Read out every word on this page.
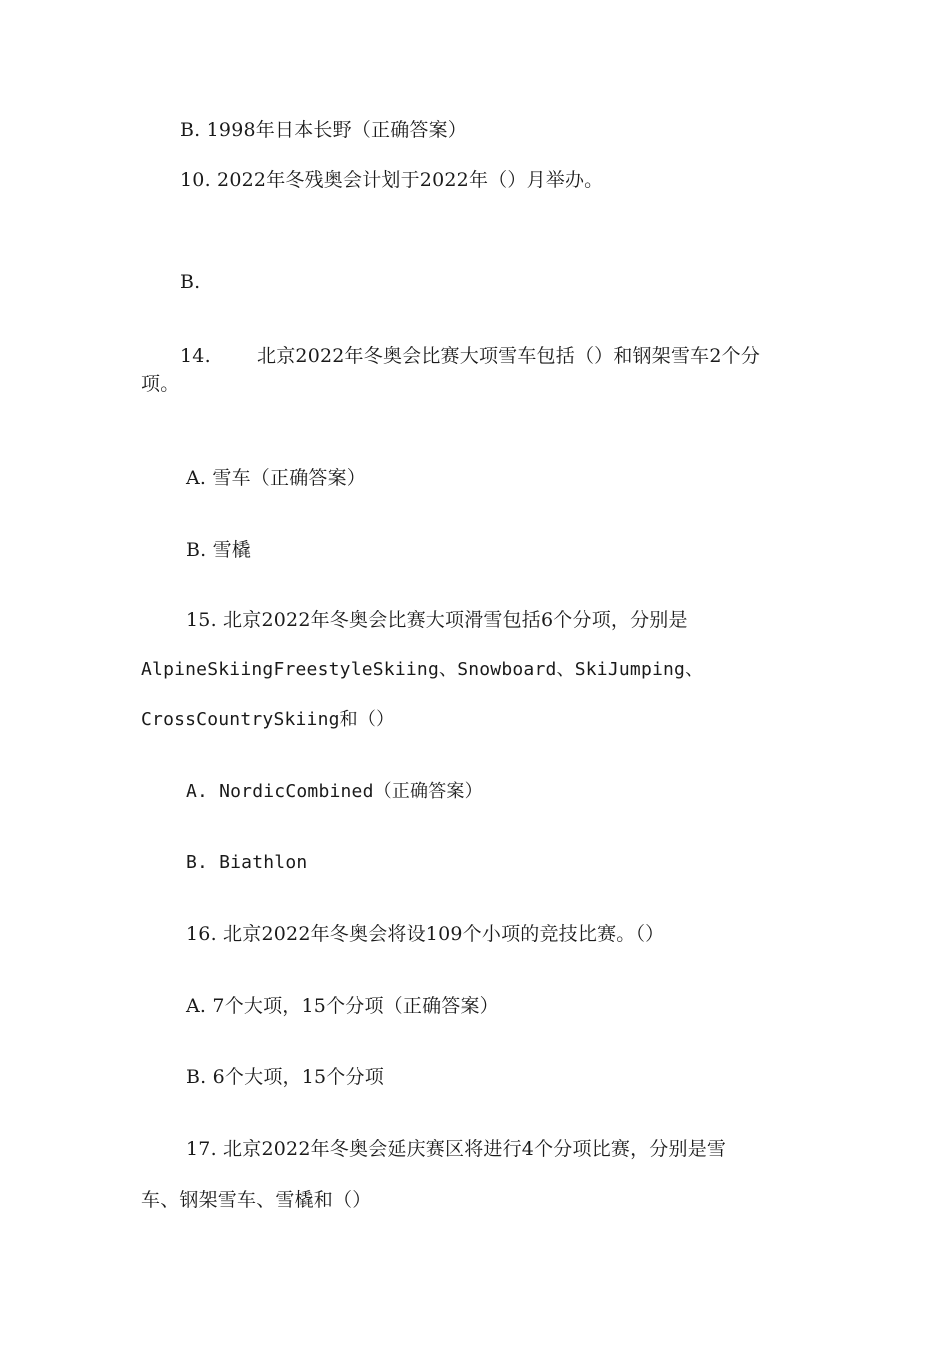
B. 1998年日本长野（正确答案）
10. 2022年冬残奥会计划于2022年（）月举办。
B.
14. 北京2022年冬奥会比赛大项雪车包括（）和钢架雪车2个分
项。
A. 雪车（正确答案）
B. 雪橇
15. 北京2022年冬奥会比赛大项滑雪包括6个分项，分别是
AlpineSkiingFreestyleSkiing、Snowboard、SkiJumping、
CrossCountrySkiing和（）
A. NordicCombined（正确答案）
B. Biathlon
16. 北京2022年冬奥会将设109个小项的竞技比赛。（）
A. 7个大项，15个分项（正确答案）
B. 6个大项，15个分项
17. 北京2022年冬奥会延庆赛区将进行4个分项比赛，分别是雪
车、钢架雪车、雪橇和（）
